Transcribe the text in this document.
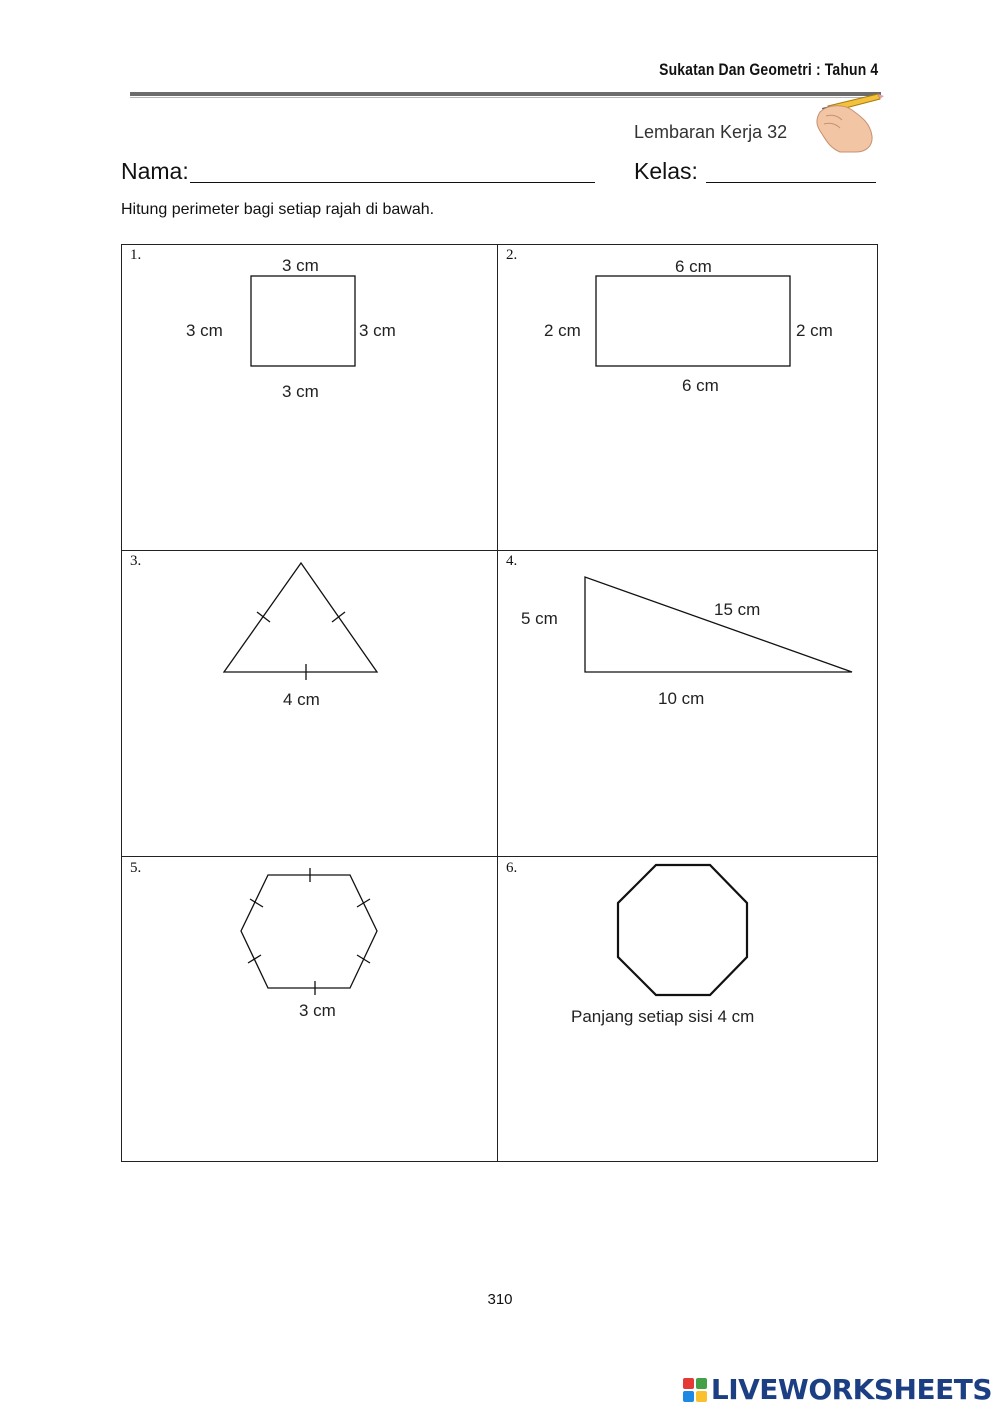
Sukatan Dan Geometri : Tahun 4
Lembaran Kerja 32
Nama:	Kelas:
Hitung perimeter bagi setiap rajah di bawah.
1.	2.
3.	4.
5.	6.
3 cm
3 cm	3 cm
3 cm
6 cm
2 cm	2 cm
6 cm
4 cm
5 cm	15 cm
10 cm
3 cm	Panjang setiap sisi 4 cm
310
LIVEWORKSHEETS
